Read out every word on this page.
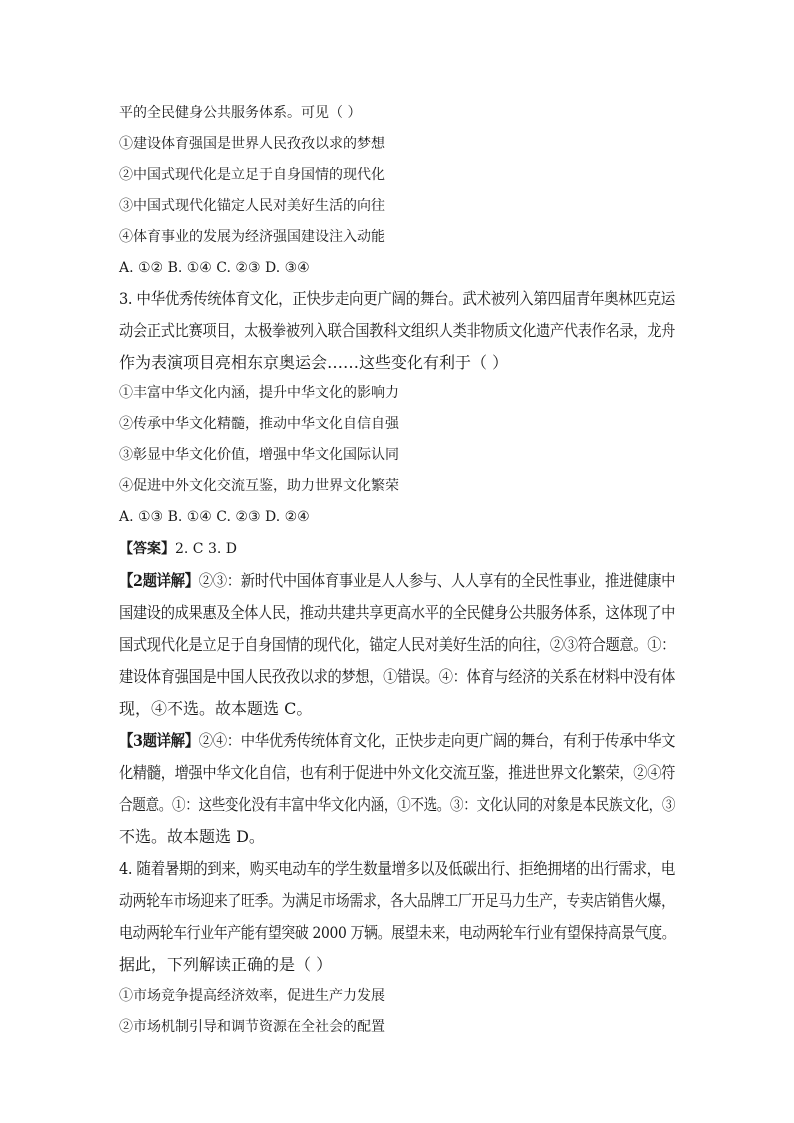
平的全民健身公共服务体系。可见（ ）
①建设体育强国是世界人民孜孜以求的梦想
②中国式现代化是立足于自身国情的现代化
③中国式现代化锚定人民对美好生活的向往
④体育事业的发展为经济强国建设注入动能
A. ①② B. ①④ C. ②③ D. ③④
3. 中华优秀传统体育文化，正快步走向更广阔的舞台。武术被列入第四届青年奥林匹克运
动会正式比赛项目，太极拳被列入联合国教科文组织人类非物质文化遗产代表作名录，龙舟
作为表演项目亮相东京奥运会……这些变化有利于（ ）
①丰富中华文化内涵，提升中华文化的影响力
②传承中华文化精髓，推动中华文化自信自强
③彰显中华文化价值，增强中华文化国际认同
④促进中外文化交流互鉴，助力世界文化繁荣
A. ①③ B. ①④ C. ②③ D. ②④
【答案】2. C 3. D
【2题详解】②③：新时代中国体育事业是人人参与、人人享有的全民性事业，推进健康中
国建设的成果惠及全体人民，推动共建共享更高水平的全民健身公共服务体系，这体现了中
国式现代化是立足于自身国情的现代化，锚定人民对美好生活的向往，②③符合题意。①：
建设体育强国是中国人民孜孜以求的梦想，①错误。④：体育与经济的关系在材料中没有体
现，④不选。故本题选 C。
【3题详解】②④：中华优秀传统体育文化，正快步走向更广阔的舞台，有利于传承中华文
化精髓，增强中华文化自信，也有利于促进中外文化交流互鉴，推进世界文化繁荣，②④符
合题意。①：这些变化没有丰富中华文化内涵，①不选。③：文化认同的对象是本民族文化，③
不选。故本题选 D。
4. 随着暑期的到来，购买电动车的学生数量增多以及低碳出行、拒绝拥堵的出行需求，电
动两轮车市场迎来了旺季。为满足市场需求，各大品牌工厂开足马力生产，专卖店销售火爆，
电动两轮车行业年产能有望突破 2000 万辆。展望未来，电动两轮车行业有望保持高景气度。
据此，下列解读正确的是（ ）
①市场竞争提高经济效率，促进生产力发展
②市场机制引导和调节资源在全社会的配置
